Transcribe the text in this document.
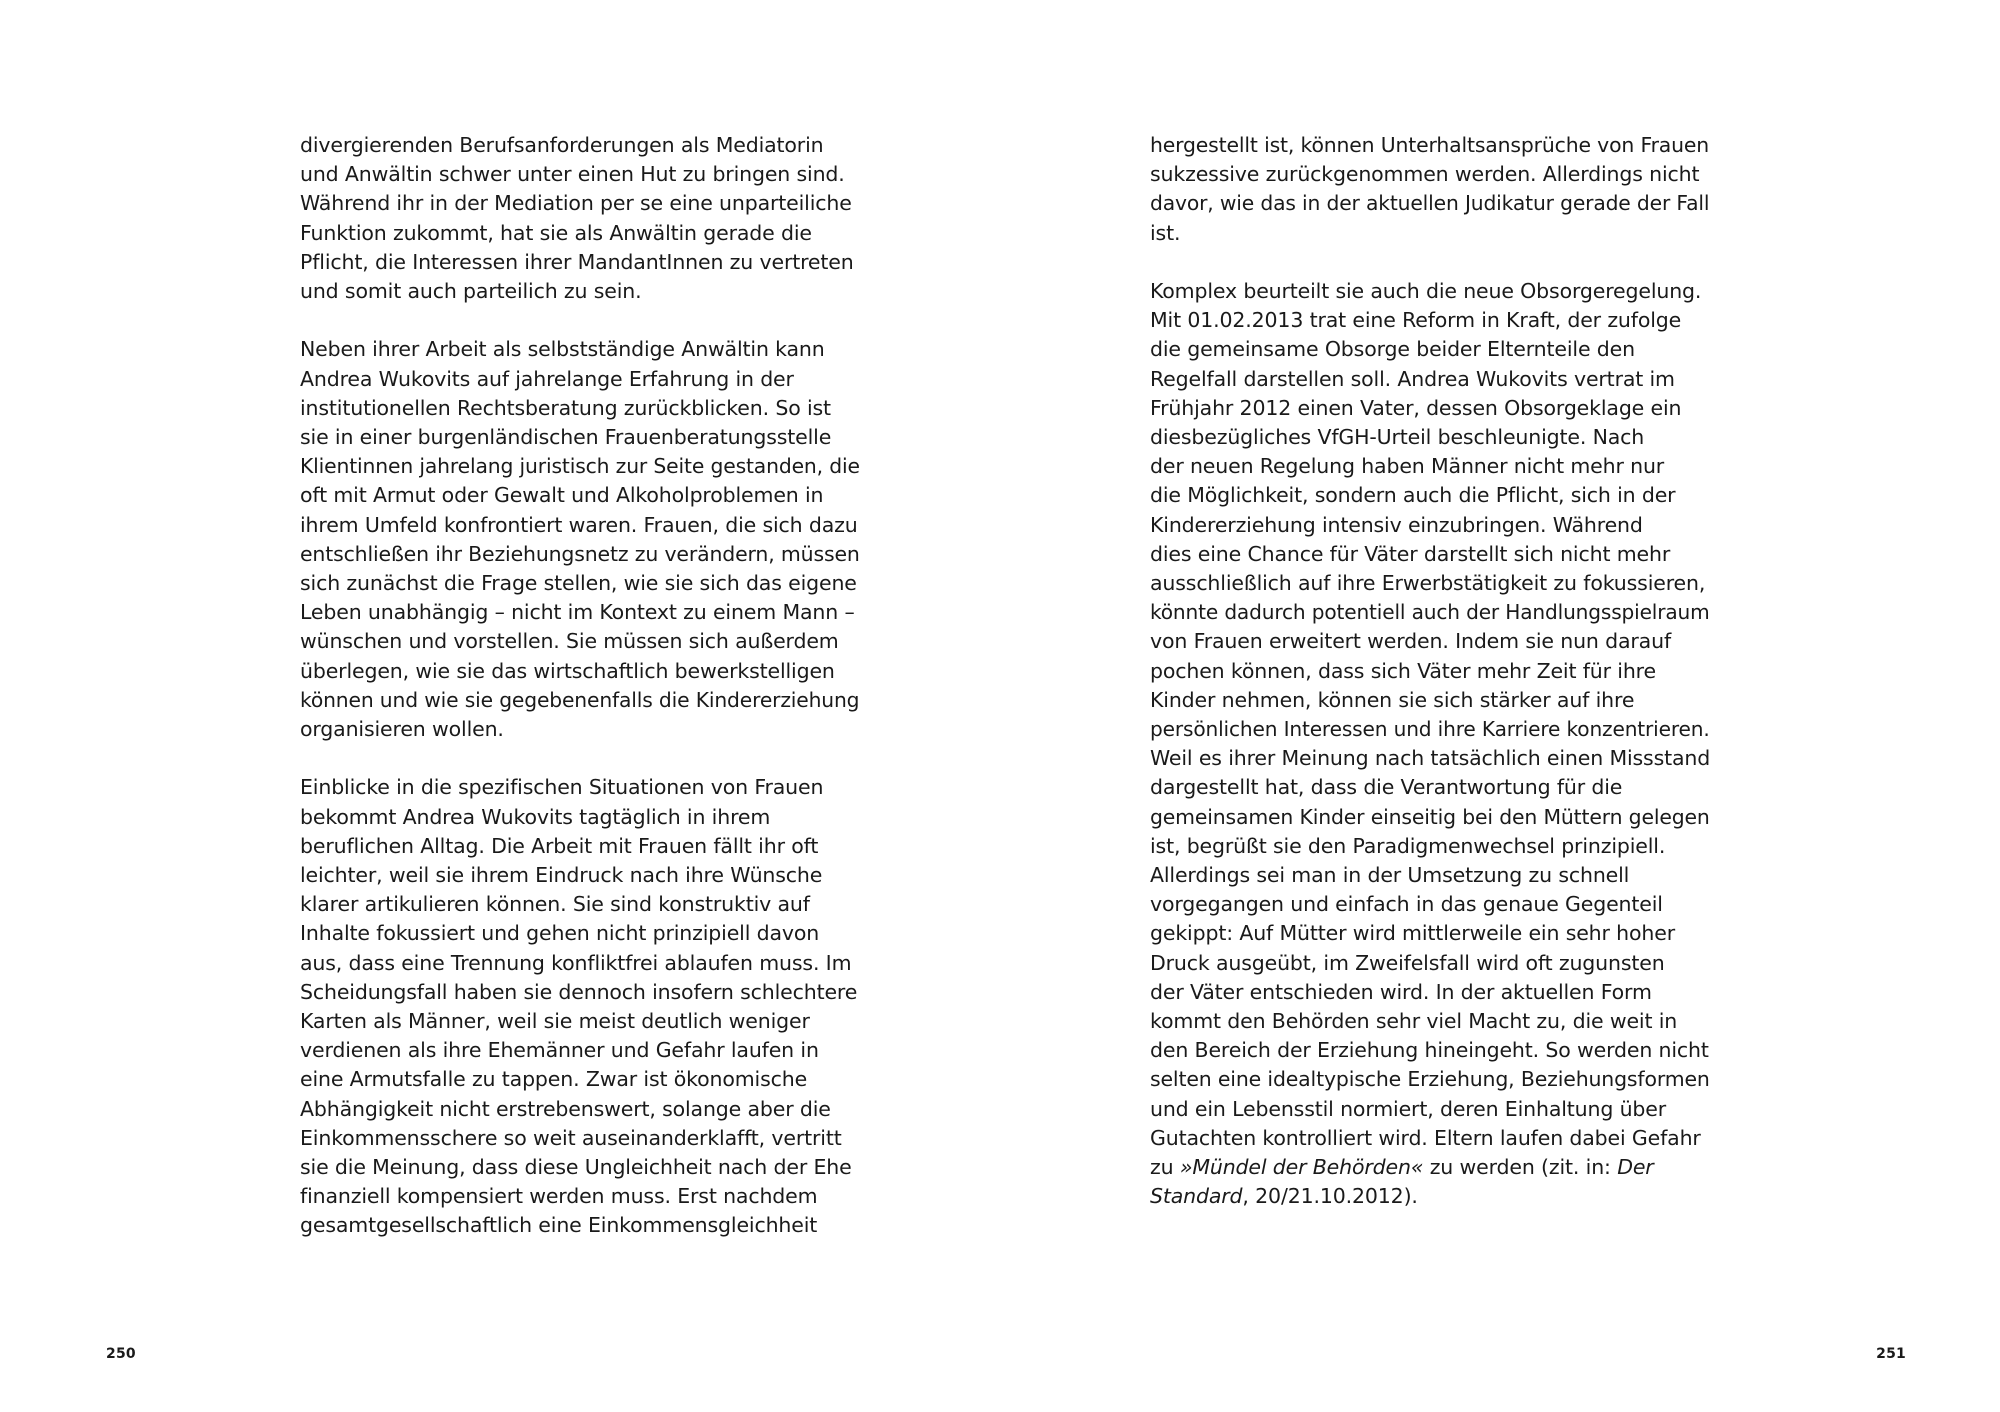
divergierenden Berufsanforderungen als Mediatorin
und Anwältin schwer unter einen Hut zu bringen sind.
Während ihr in der Mediation per se eine unparteiliche
Funktion zukommt, hat sie als Anwältin gerade die
Pflicht, die Interessen ihrer MandantInnen zu vertreten
und somit auch parteilich zu sein.
Neben ihrer Arbeit als selbstständige Anwältin kann
Andrea Wukovits auf jahrelange Erfahrung in der
institutionellen Rechtsberatung zurückblicken. So ist
sie in einer burgenländischen Frauenberatungsstelle
Klientinnen jahrelang juristisch zur Seite gestanden, die
oft mit Armut oder Gewalt und Alkoholproblemen in
ihrem Umfeld konfrontiert waren. Frauen, die sich dazu
entschließen ihr Beziehungsnetz zu verändern, müssen
sich zunächst die Frage stellen, wie sie sich das eigene
Leben unabhängig – nicht im Kontext zu einem Mann –
wünschen und vorstellen. Sie müssen sich außerdem
überlegen, wie sie das wirtschaftlich bewerkstelligen
können und wie sie gegebenenfalls die Kindererziehung
organisieren wollen.
Einblicke in die spezifischen Situationen von Frauen
bekommt Andrea Wukovits tagtäglich in ihrem
beruflichen Alltag. Die Arbeit mit Frauen fällt ihr oft
leichter, weil sie ihrem Eindruck nach ihre Wünsche
klarer artikulieren können. Sie sind konstruktiv auf
Inhalte fokussiert und gehen nicht prinzipiell davon
aus, dass eine Trennung konfliktfrei ablaufen muss. Im
Scheidungsfall haben sie dennoch insofern schlechtere
Karten als Männer, weil sie meist deutlich weniger
verdienen als ihre Ehemänner und Gefahr laufen in
eine Armutsfalle zu tappen. Zwar ist ökonomische
Abhängigkeit nicht erstrebenswert, solange aber die
Einkommensschere so weit auseinanderklafft, vertritt
sie die Meinung, dass diese Ungleichheit nach der Ehe
finanziell kompensiert werden muss. Erst nachdem
gesamtgesellschaftlich eine Einkommensgleichheit
250
hergestellt ist, können Unterhaltsansprüche von Frauen
sukzessive zurückgenommen werden. Allerdings nicht
davor, wie das in der aktuellen Judikatur gerade der Fall
ist.
Komplex beurteilt sie auch die neue Obsorgeregelung.
Mit 01.02.2013 trat eine Reform in Kraft, der zufolge
die gemeinsame Obsorge beider Elternteile den
Regelfall darstellen soll. Andrea Wukovits vertrat im
Frühjahr 2012 einen Vater, dessen Obsorgeklage ein
diesbezügliches VfGH-Urteil beschleunigte. Nach
der neuen Regelung haben Männer nicht mehr nur
die Möglichkeit, sondern auch die Pflicht, sich in der
Kindererziehung intensiv einzubringen. Während
dies eine Chance für Väter darstellt sich nicht mehr
ausschließlich auf ihre Erwerbstätigkeit zu fokussieren,
könnte dadurch potentiell auch der Handlungsspielraum
von Frauen erweitert werden. Indem sie nun darauf
pochen können, dass sich Väter mehr Zeit für ihre
Kinder nehmen, können sie sich stärker auf ihre
persönlichen Interessen und ihre Karriere konzentrieren.
Weil es ihrer Meinung nach tatsächlich einen Missstand
dargestellt hat, dass die Verantwortung für die
gemeinsamen Kinder einseitig bei den Müttern gelegen
ist, begrüßt sie den Paradigmenwechsel prinzipiell.
Allerdings sei man in der Umsetzung zu schnell
vorgegangen und einfach in das genaue Gegenteil
gekippt: Auf Mütter wird mittlerweile ein sehr hoher
Druck ausgeübt, im Zweifelsfall wird oft zugunsten
der Väter entschieden wird. In der aktuellen Form
kommt den Behörden sehr viel Macht zu, die weit in
den Bereich der Erziehung hineingeht. So werden nicht
selten eine idealtypische Erziehung, Beziehungsformen
und ein Lebensstil normiert, deren Einhaltung über
Gutachten kontrolliert wird. Eltern laufen dabei Gefahr
zu »Mündel der Behörden« zu werden (zit. in: Der
Standard, 20/21.10.2012).
251
